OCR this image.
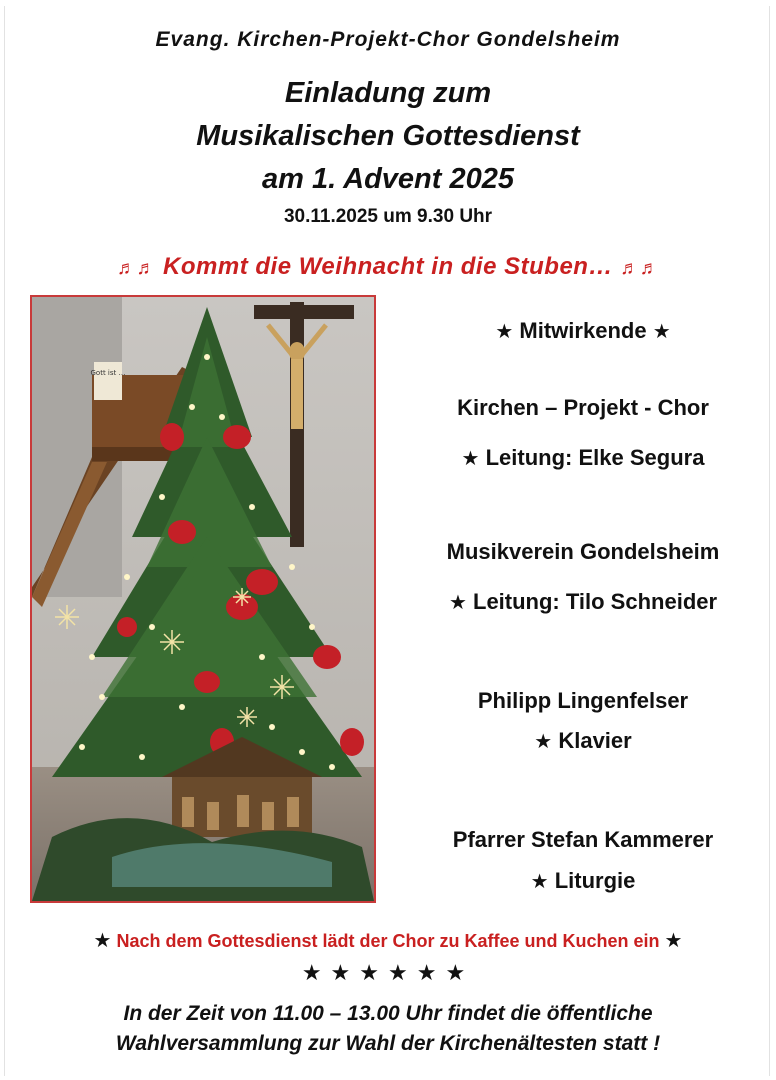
Evang. Kirchen-Projekt-Chor Gondelsheim
Einladung zum
Musikalischen Gottesdienst
am 1. Advent 2025
30.11.2025 um 9.30 Uhr
♬♬ Kommt die Weihnacht in die Stuben… ♬♬
Gott ist …
★ Mitwirkende ★
Kirchen – Projekt - Chor
★ Leitung: Elke Segura
Musikverein Gondelsheim
★ Leitung: Tilo Schneider
Philipp Lingenfelser
★ Klavier
Pfarrer Stefan Kammerer
★ Liturgie
★ Nach dem Gottesdienst lädt der Chor zu Kaffee und Kuchen ein ★
★★★★★★
In der Zeit von 11.00 – 13.00 Uhr findet die öffentliche
Wahlversammlung zur Wahl der Kirchenältesten statt !
